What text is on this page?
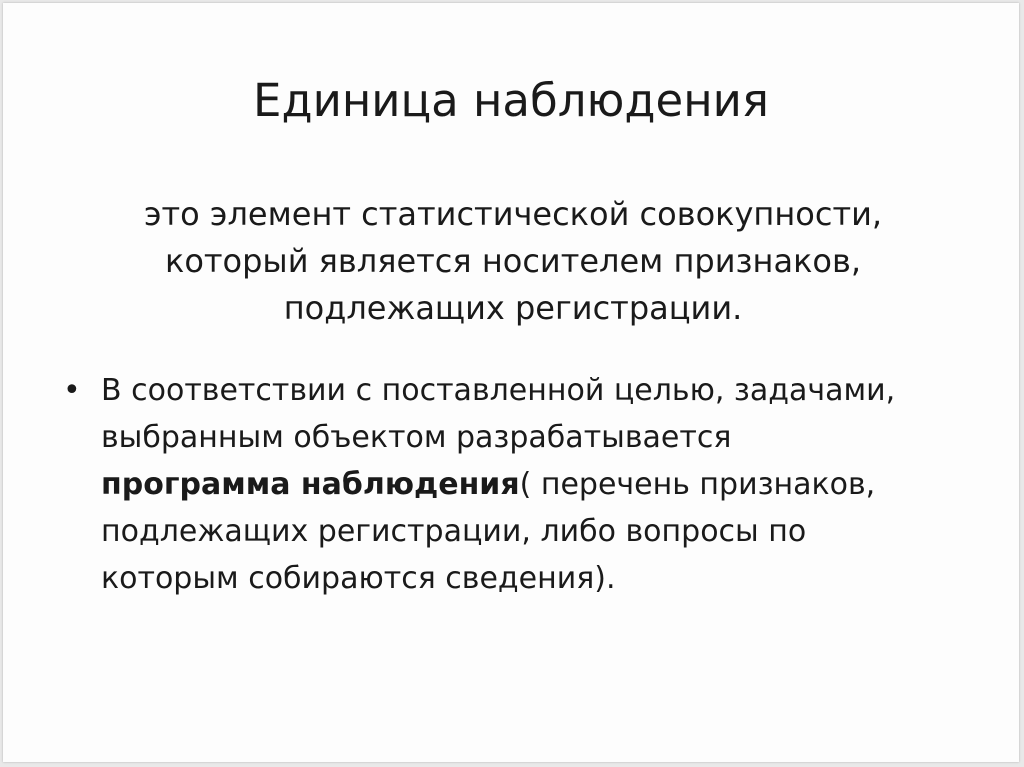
Единица наблюдения
это элемент статистической совокупности,
который является носителем признаков,
подлежащих регистрации.
• В соответствии с поставленной целью, задачами,
выбранным объектом разрабатывается
программа наблюдения( перечень признаков,
подлежащих регистрации, либо вопросы по
которым собираются сведения).
